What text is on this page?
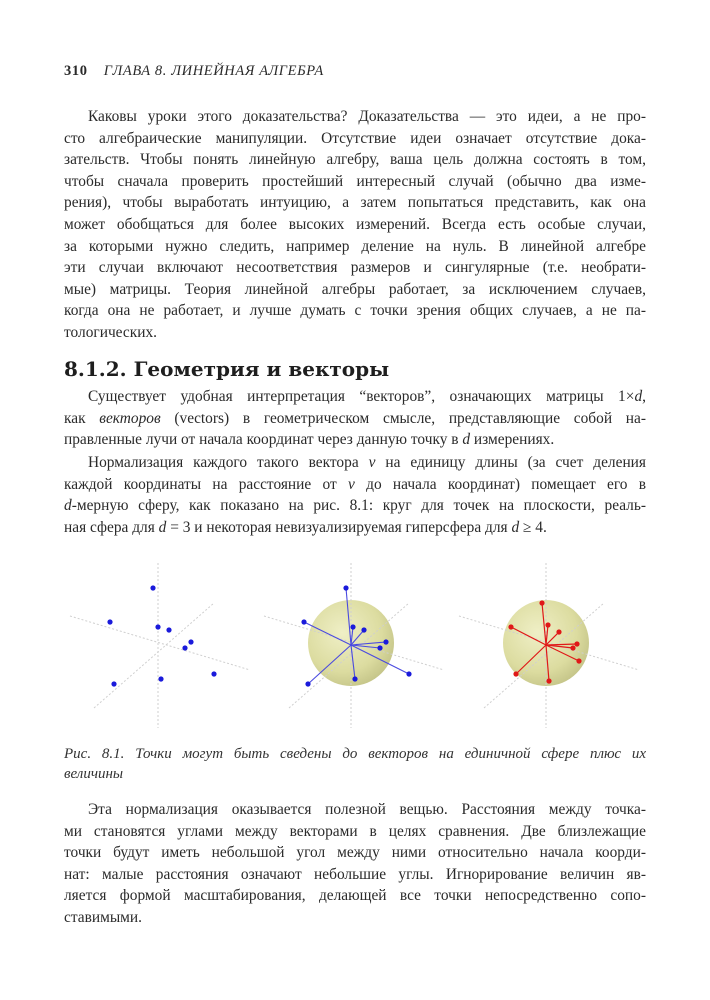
310 ГЛАВА 8. ЛИНЕЙНАЯ АЛГЕБРА

Каковы уроки этого доказательства? Доказательства — это идеи, а не про-
сто алгебраические манипуляции. Отсутствие идеи означает отсутствие дока-
зательств. Чтобы понять линейную алгебру, ваша цель должна состоять в том,
чтобы сначала проверить простейший интересный случай (обычно два изме-
рения), чтобы выработать интуицию, а затем попытаться представить, как она
может обобщаться для более высоких измерений. Всегда есть особые случаи,
за которыми нужно следить, например деление на нуль. В линейной алгебре
эти случаи включают несоответствия размеров и сингулярные (т.е. необрати-
мые) матрицы. Теория линейной алгебры работает, за исключением случаев,
когда она не работает, и лучше думать с точки зрения общих случаев, а не па-
тологических.

8.1.2. Геометрия и векторы

Существует удобная интерпретация “векторов”, означающих матрицы 1×d,
как векторов (vectors) в геометрическом смысле, представляющие собой на-
правленные лучи от начала координат через данную точку в d измерениях.

Нормализация каждого такого вектора v на единицу длины (за счет деления
каждой координаты на расстояние от v до начала координат) помещает его в
d-мерную сферу, как показано на рис. 8.1: круг для точек на плоскости, реаль-
ная сфера для d = 3 и некоторая невизуализируемая гиперсфера для d ≥ 4.

Рис. 8.1. Точки могут быть сведены до векторов на единичной сфере плюс их
величины

Эта нормализация оказывается полезной вещью. Расстояния между точка-
ми становятся углами между векторами в целях сравнения. Две близлежащие
точки будут иметь небольшой угол между ними относительно начала коорди-
нат: малые расстояния означают небольшие углы. Игнорирование величин яв-
ляется формой масштабирования, делающей все точки непосредственно сопо-
ставимыми.
